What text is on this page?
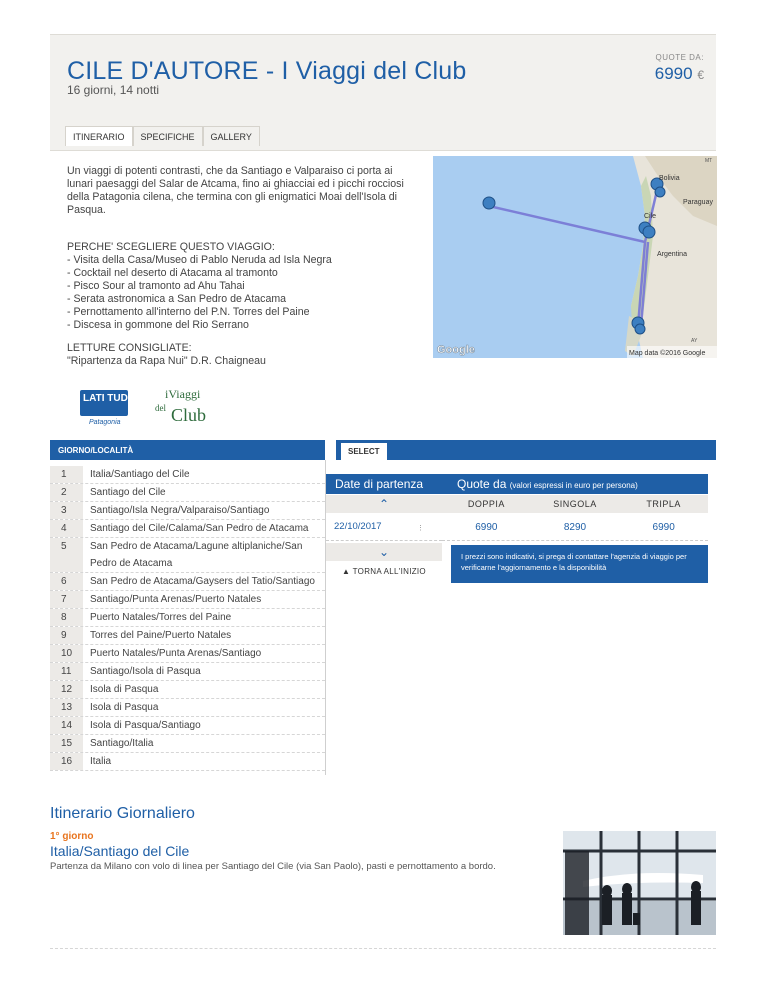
CILE D'AUTORE - I Viaggi del Club
16 giorni, 14 notti
QUOTE DA:
6990 €
ITINERARIO	SPECIFICHE	GALLERY

Un viaggi di potenti contrasti, che da Santiago e Valparaiso ci porta ai lunari paesaggi del Salar de Atcama, fino ai ghiacciai ed i picchi rocciosi della Patagonia cilena, che termina con gli enigmatici Moai dell'Isola di Pasqua.

PERCHE' SCEGLIERE QUESTO VIAGGIO:
- Visita della Casa/Museo di Pablo Neruda ad Isla Negra
- Cocktail nel deserto di Atacama al tramonto
- Pisco Sour al tramonto ad Ahu Tahai
- Serata astronomica a San Pedro de Atacama
- Pernottamento all'interno del P.N. Torres del Paine
- Discesa in gommone del Rio Serrano
LETTURE CONSIGLIATE:
"Ripartenza da Rapa Nui" D.R. Chaigneau
Bolivia
Paraguay
Cile
Argentina
MT
AY
Map data ©2016 Google
Google
LATI TUD
Patagonia
iViaggi
del Club
GIORNO/LOCALITÀ
1	Italia/Santiago del Cile
2	Santiago del Cile
3	Santiago/Isla Negra/Valparaiso/Santiago
4	Santiago del Cile/Calama/San Pedro de Atacama
5	San Pedro de Atacama/Lagune altiplaniche/San Pedro de Atacama
6	San Pedro de Atacama/Gaysers del Tatio/Santiago
7	Santiago/Punta Arenas/Puerto Natales
8	Puerto Natales/Torres del Paine
9	Torres del Paine/Puerto Natales
10	Puerto Natales/Punta Arenas/Santiago
11	Santiago/Isola di Pasqua
12	Isola di Pasqua
13	Isola di Pasqua
14	Isola di Pasqua/Santiago
15	Santiago/Italia
16	Italia
SELECT
Date di partenza	Quote da (valori espressi in euro per persona)
⌃	DOPPIA	SINGOLA	TRIPLA
22/10/2017	⋮	6990	8290	6990
⌄
▲ TORNA ALL'INIZIO
I prezzi sono indicativi, si prega di contattare l'agenzia di viaggio per verificarne l'aggiornamento e la disponibilità
Itinerario Giornaliero
1° giorno
Italia/Santiago del Cile
Partenza da Milano con volo di linea per Santiago del Cile (via San Paolo), pasti e pernottamento a bordo.
